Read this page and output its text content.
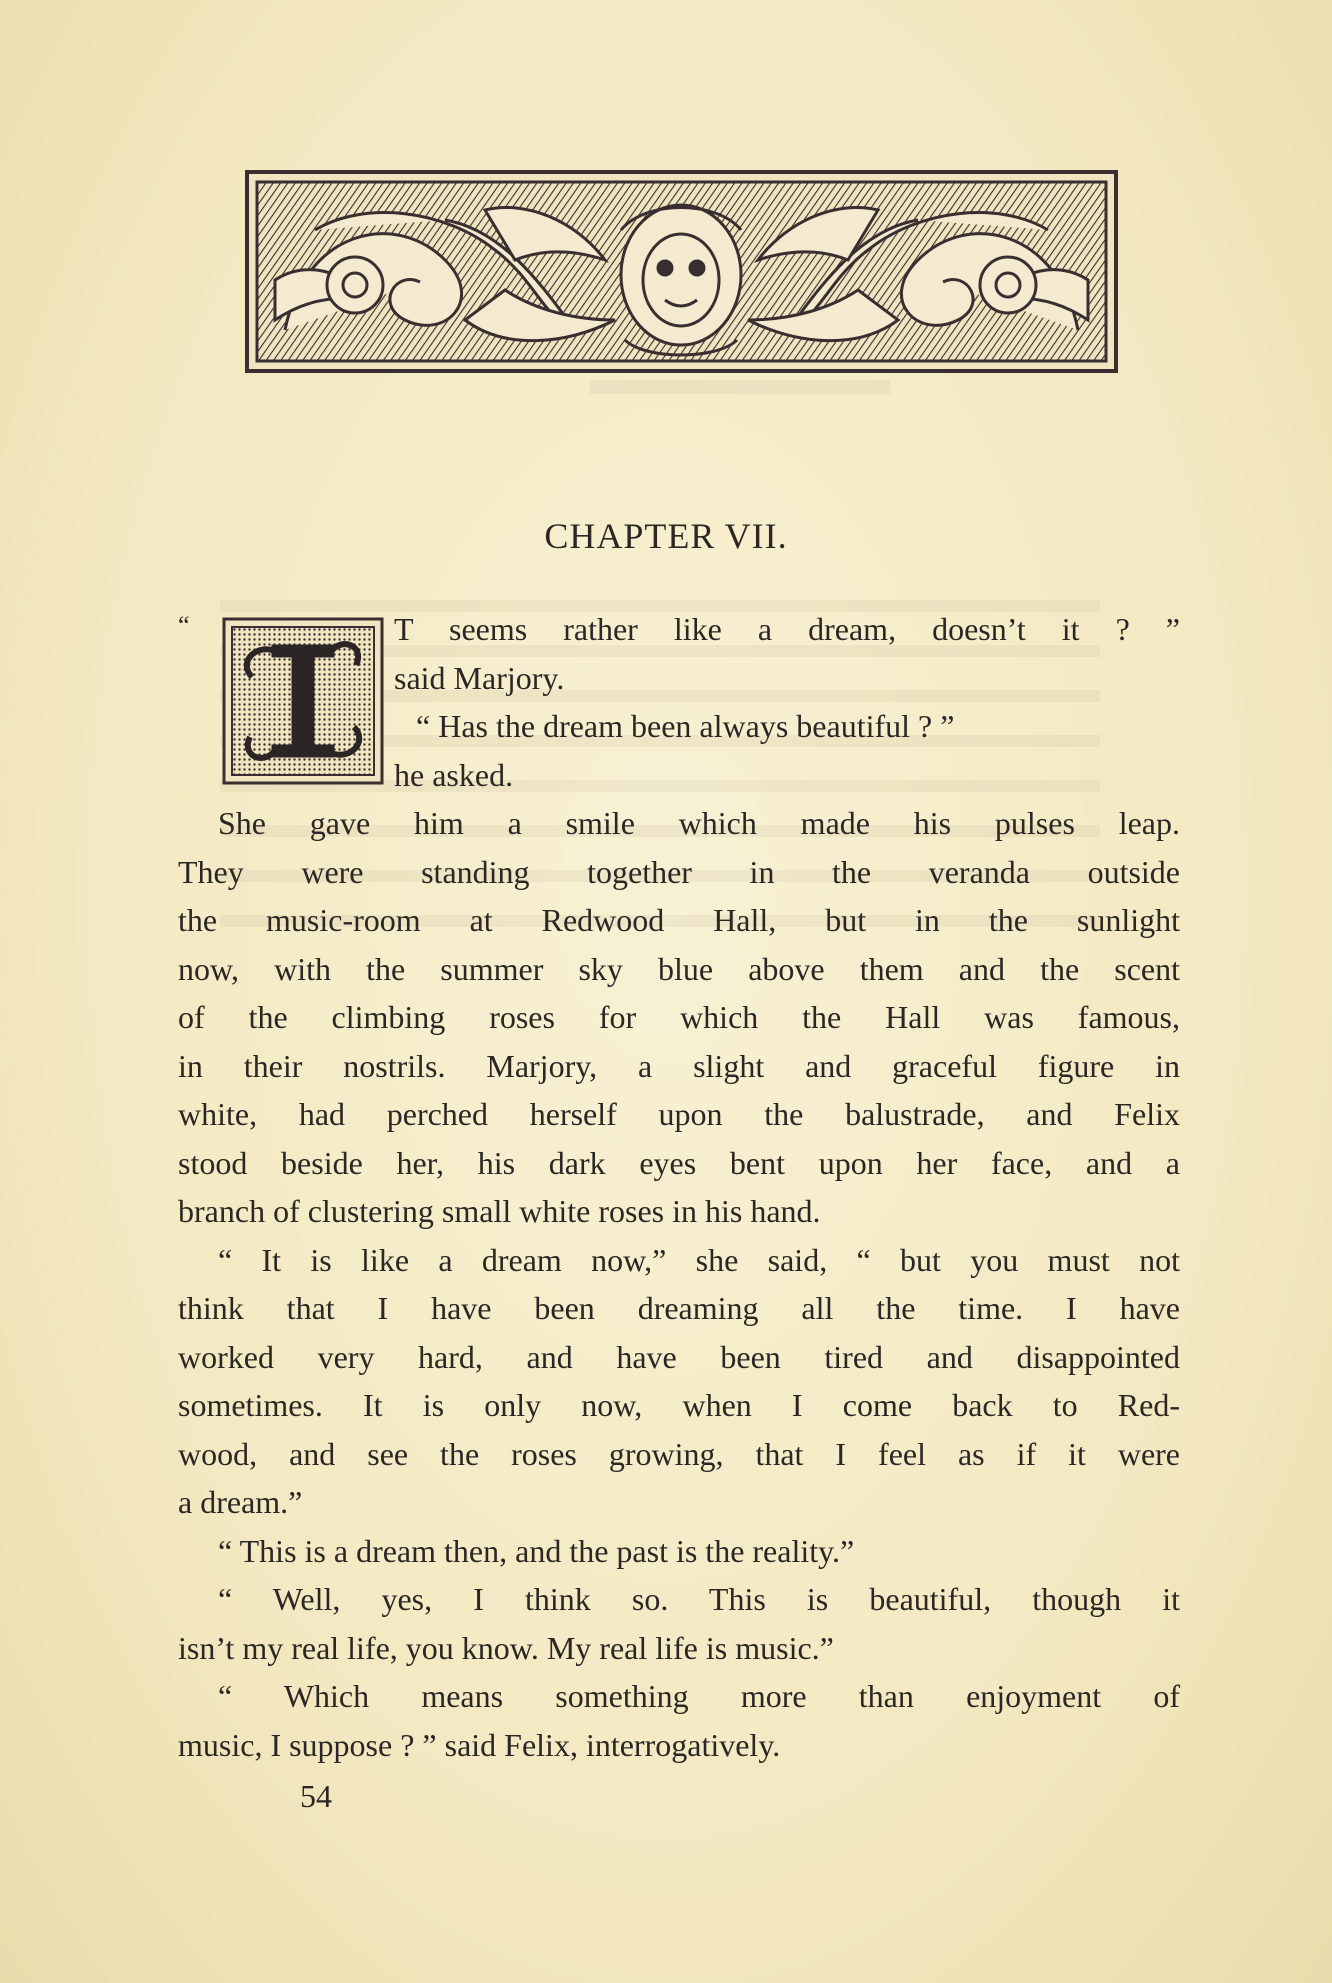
CHAPTER VII.
“	T seems rather like a dream, doesn’t it ? ”
said Marjory.
“ Has the dream been always beautiful ? ”
he asked.
She gave him a smile which made his pulses leap.
They were standing together in the veranda outside
the music-room at Redwood Hall, but in the sunlight
now, with the summer sky blue above them and the scent
of the climbing roses for which the Hall was famous,
in their nostrils. Marjory, a slight and graceful figure in
white, had perched herself upon the balustrade, and Felix
stood beside her, his dark eyes bent upon her face, and a
branch of clustering small white roses in his hand.
“ It is like a dream now,” she said, “ but you must not
think that I have been dreaming all the time. I have
worked very hard, and have been tired and disappointed
sometimes. It is only now, when I come back to Red-
wood, and see the roses growing, that I feel as if it were
a dream.”
“ This is a dream then, and the past is the reality.”
“ Well, yes, I think so. This is beautiful, though it
isn’t my real life, you know. My real life is music.”
“ Which means something more than enjoyment of
music, I suppose ? ” said Felix, interrogatively.
54
